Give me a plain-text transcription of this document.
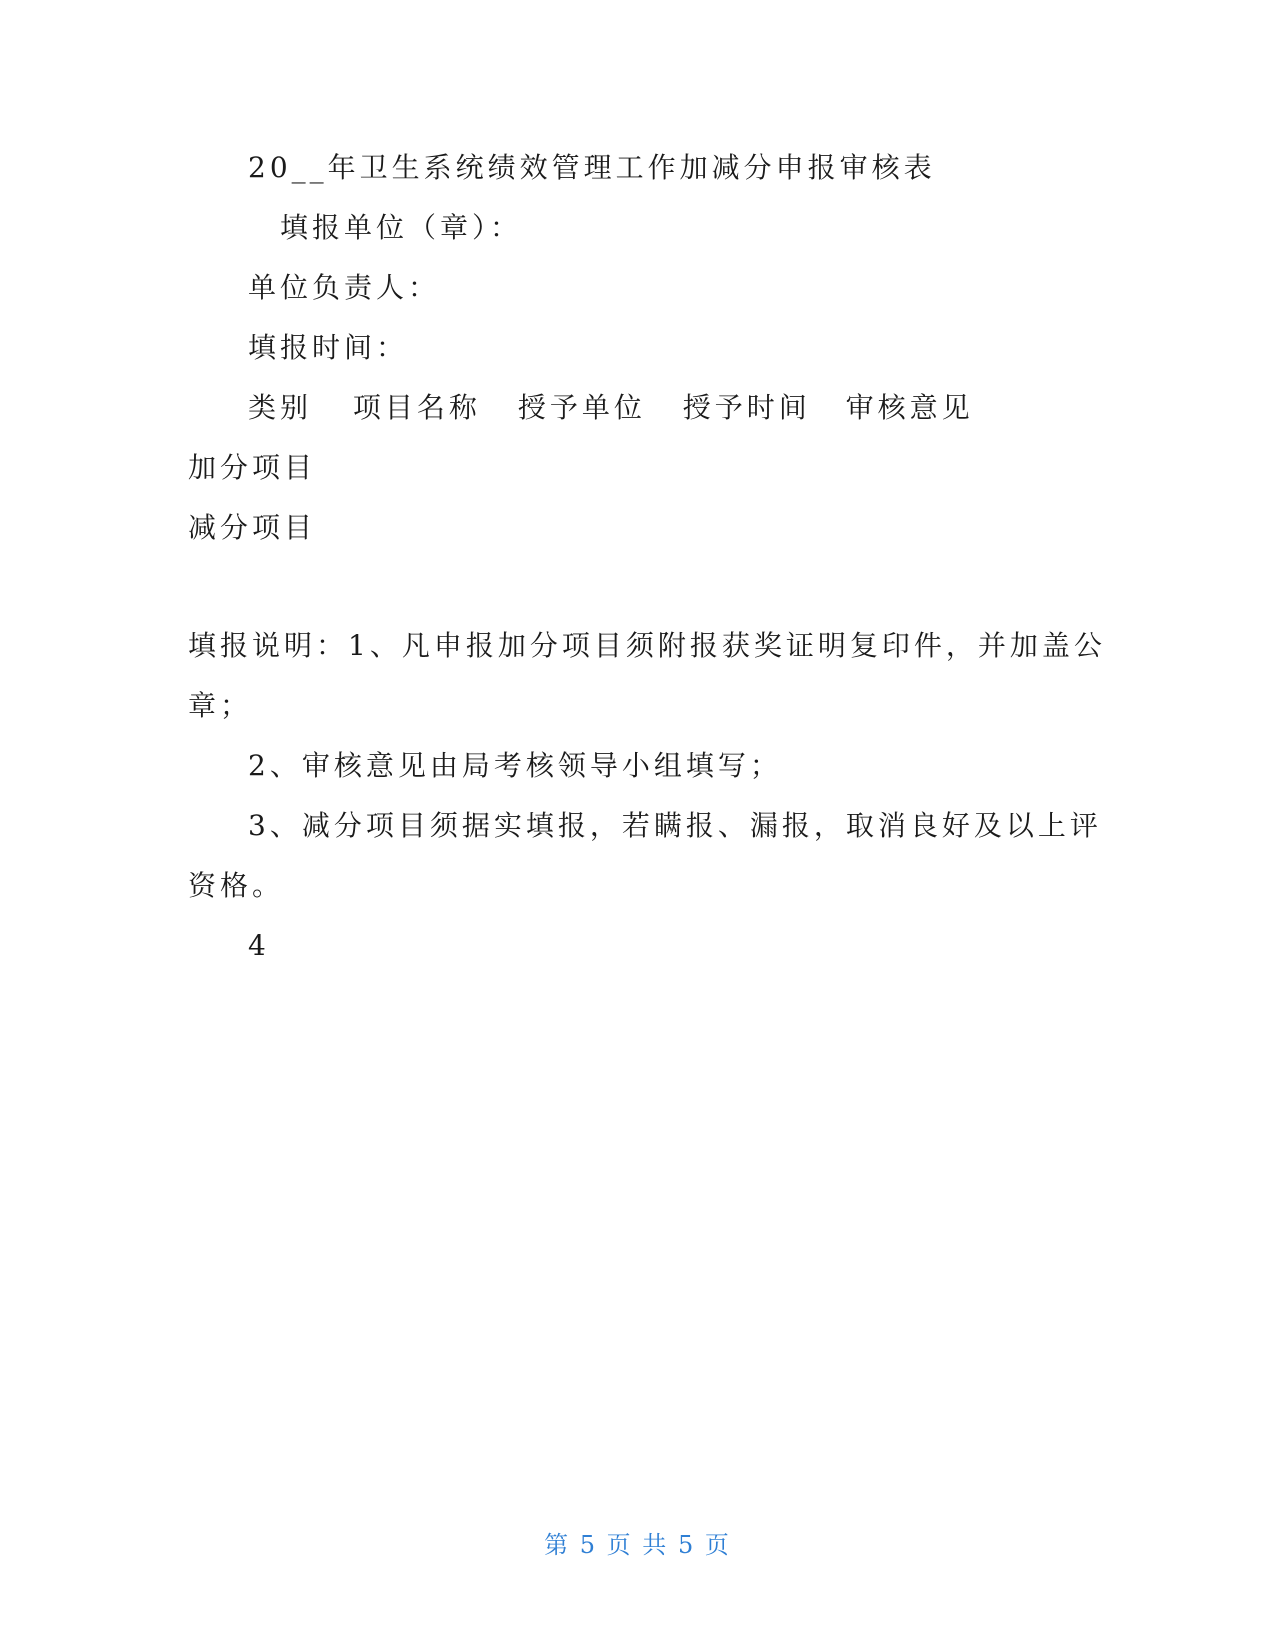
20__年卫生系统绩效管理工作加减分申报审核表
填报单位（章）：
单位负责人：
填报时间：
类别 项目名称 授予单位 授予时间 审核意见
加分项目
减分项目
填报说明：1、凡申报加分项目须附报获奖证明复印件，并加盖公
章；
2、审核意见由局考核领导小组填写；
3、减分项目须据实填报，若瞒报、漏报，取消良好及以上评
资格。
4
第 5 页 共 5 页
